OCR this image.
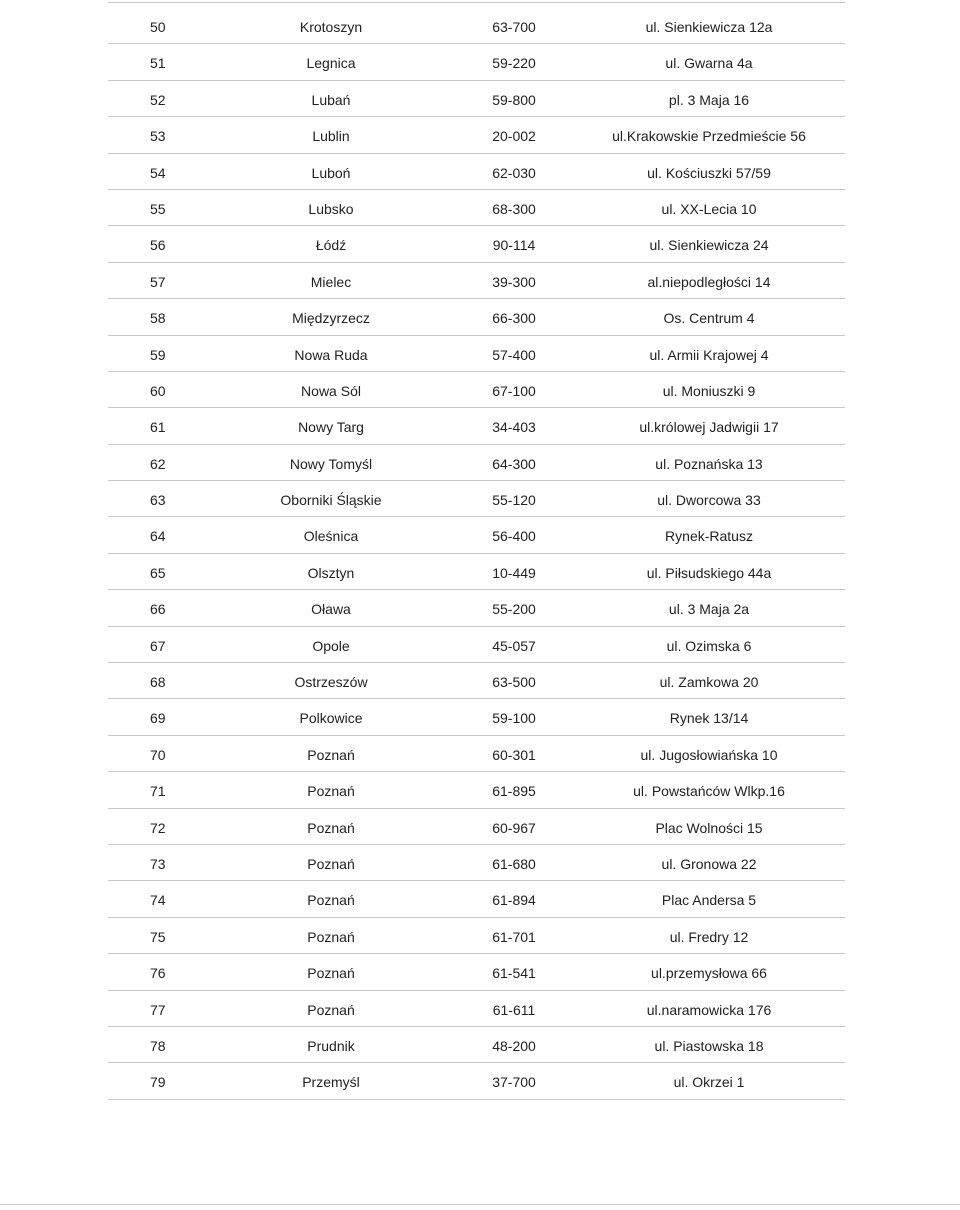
50	Krotoszyn	63-700	ul. Sienkiewicza 12a
51	Legnica	59-220	ul. Gwarna 4a
52	Lubań	59-800	pl. 3 Maja 16
53	Lublin	20-002	ul.Krakowskie Przedmieście 56
54	Luboń	62-030	ul. Kościuszki 57/59
55	Lubsko	68-300	ul. XX-Lecia 10
56	Łódź	90-114	ul. Sienkiewicza 24
57	Mielec	39-300	al.niepodległości 14
58	Międzyrzecz	66-300	Os. Centrum 4
59	Nowa Ruda	57-400	ul. Armii Krajowej 4
60	Nowa Sól	67-100	ul. Moniuszki 9
61	Nowy Targ	34-403	ul.królowej Jadwigii 17
62	Nowy Tomyśl	64-300	ul. Poznańska 13
63	Oborniki Śląskie	55-120	ul. Dworcowa 33
64	Oleśnica	56-400	Rynek-Ratusz
65	Olsztyn	10-449	ul. Piłsudskiego 44a
66	Oława	55-200	ul. 3 Maja 2a
67	Opole	45-057	ul. Ozimska 6
68	Ostrzeszów	63-500	ul. Zamkowa 20
69	Polkowice	59-100	Rynek 13/14
70	Poznań	60-301	ul. Jugosłowiańska 10
71	Poznań	61-895	ul. Powstańców Wlkp.16
72	Poznań	60-967	Plac Wolności 15
73	Poznań	61-680	ul. Gronowa 22
74	Poznań	61-894	Plac Andersa 5
75	Poznań	61-701	ul. Fredry 12
76	Poznań	61-541	ul.przemysłowa 66
77	Poznań	61-611	ul.naramowicka 176
78	Prudnik	48-200	ul. Piastowska 18
79	Przemyśl	37-700	ul. Okrzei 1
